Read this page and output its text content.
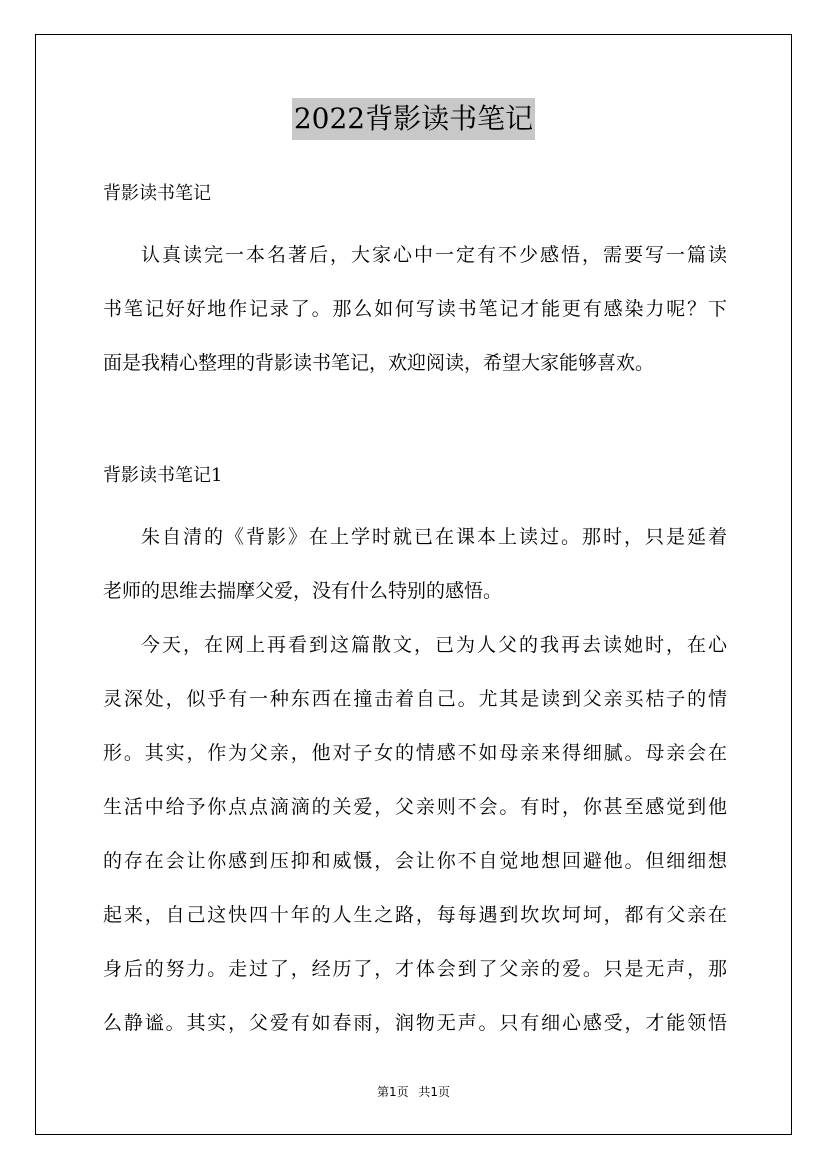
2022背影读书笔记
背影读书笔记
认真读完一本名著后，大家心中一定有不少感悟，需要写一篇读
书笔记好好地作记录了。那么如何写读书笔记才能更有感染力呢？下
面是我精心整理的背影读书笔记，欢迎阅读，希望大家能够喜欢。
背影读书笔记1
朱自清的《背影》在上学时就已在课本上读过。那时，只是延着
老师的思维去揣摩父爱，没有什么特别的感悟。
今天，在网上再看到这篇散文，已为人父的我再去读她时，在心
灵深处，似乎有一种东西在撞击着自己。尤其是读到父亲买桔子的情
形。其实，作为父亲，他对子女的情感不如母亲来得细腻。母亲会在
生活中给予你点点滴滴的关爱，父亲则不会。有时，你甚至感觉到他
的存在会让你感到压抑和威慑，会让你不自觉地想回避他。但细细想
起来，自己这快四十年的人生之路，每每遇到坎坎坷坷，都有父亲在
身后的努力。走过了，经历了，才体会到了父亲的爱。只是无声，那
么静谧。其实，父爱有如春雨，润物无声。只有细心感受，才能领悟
第1页 共1页
